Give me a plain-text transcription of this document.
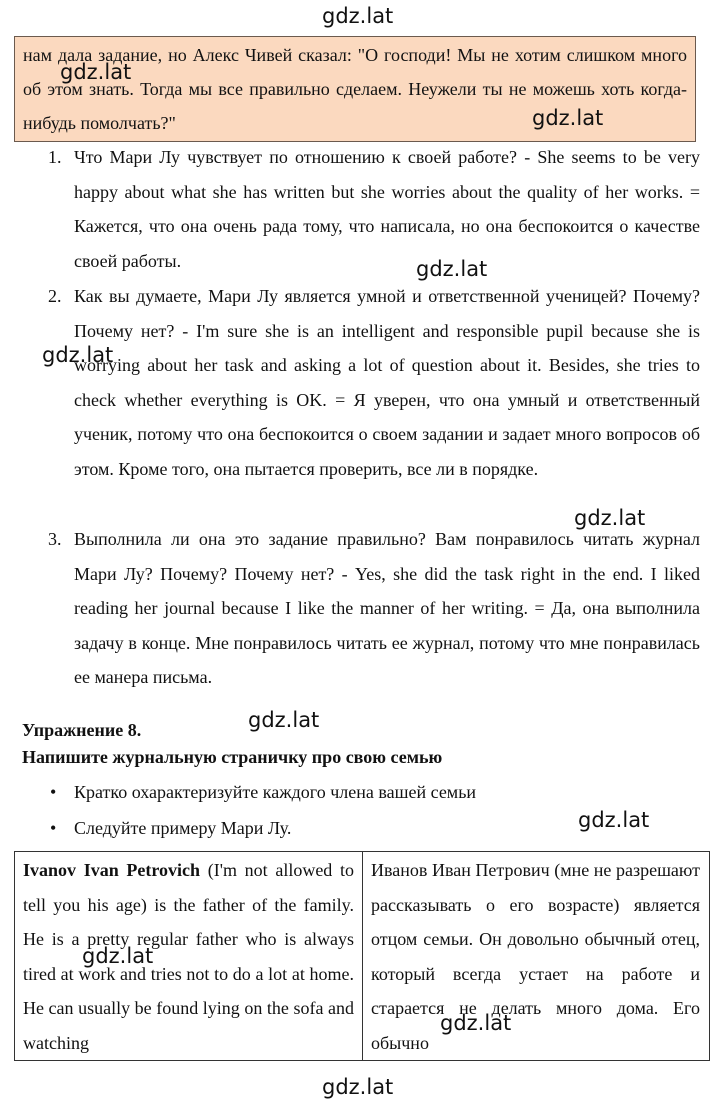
gdz.lat
gdz.lat
gdz.lat
gdz.lat
gdz.lat
gdz.lat
gdz.lat
gdz.lat
gdz.lat
gdz.lat
gdz.lat
нам дала задание, но Алекс Чивей сказал: "О господи! Мы не хотим слишком много об этом знать. Тогда мы все правильно сделаем. Неужели ты не можешь хоть когда-нибудь помолчать?"
1. Что Мари Лу чувствует по отношению к своей работе? - She seems to be very happy about what she has written but she worries about the quality of her works. = Кажется, что она очень рада тому, что написала, но она беспокоится о качестве своей работы.
2. Как вы думаете, Мари Лу является умной и ответственной ученицей? Почему? Почему нет? - I'm sure she is an intelligent and responsible pupil because she is worrying about her task and asking a lot of question about it. Besides, she tries to check whether everything is OK. = Я уверен, что она умный и ответственный ученик, потому что она беспокоится о своем задании и задает много вопросов об этом. Кроме того, она пытается проверить, все ли в порядке.
3. Выполнила ли она это задание правильно? Вам понравилось читать журнал Мари Лу? Почему? Почему нет? - Yes, she did the task right in the end. I liked reading her journal because I like the manner of her writing. = Да, она выполнила задачу в конце. Мне понравилось читать ее журнал, потому что мне понравилась ее манера письма.
Упражнение 8.
Напишите журнальную страничку про свою семью
• Кратко охарактеризуйте каждого члена вашей семьи
• Следуйте примеру Мари Лу.
Ivanov Ivan Petrovich (I'm not allowed to tell you his age) is the father of the family. He is a pretty regular father who is always tired at work and tries not to do a lot at home. He can usually be found lying on the sofa and watching
Иванов Иван Петрович (мне не разрешают рассказывать о его возрасте) является отцом семьи. Он довольно обычный отец, который всегда устает на работе и старается не делать много дома. Его обычно
